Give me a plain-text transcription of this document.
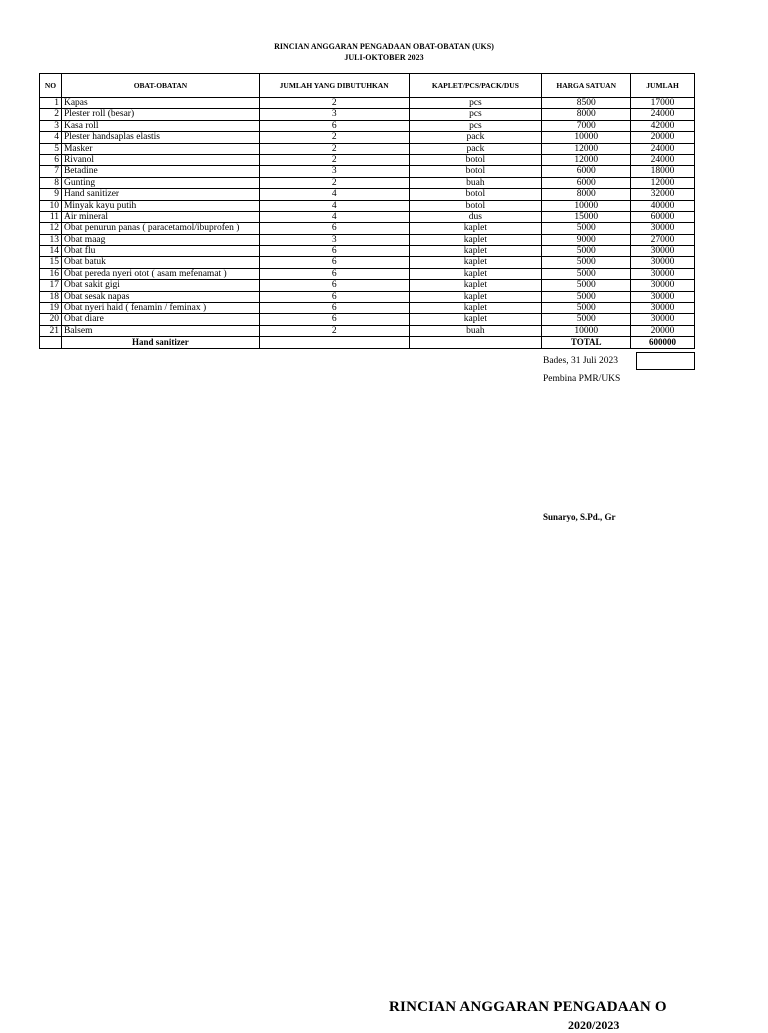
RINCIAN ANGGARAN PENGADAAN OBAT-OBATAN (UKS)
JULI-OKTOBER 2023
NO	OBAT-OBATAN	JUMLAH YANG DIBUTUHKAN	KAPLET/PCS/PACK/DUS	HARGA SATUAN	JUMLAH
1	Kapas	2	pcs	8500	17000
2	Plester roll (besar)	3	pcs	8000	24000
3	Kasa roll	6	pcs	7000	42000
4	Plester handsaplas elastis	2	pack	10000	20000
5	Masker	2	pack	12000	24000
6	Rivanol	2	botol	12000	24000
7	Betadine	3	botol	6000	18000
8	Gunting	2	buah	6000	12000
9	Hand sanitizer	4	botol	8000	32000
10	Minyak kayu putih	4	botol	10000	40000
11	Air mineral	4	dus	15000	60000
12	Obat penurun panas ( paracetamol/ibuprofen )	6	kaplet	5000	30000
13	Obat maag	3	kaplet	9000	27000
14	Obat flu	6	kaplet	5000	30000
15	Obat batuk	6	kaplet	5000	30000
16	Obat pereda nyeri otot ( asam mefenamat )	6	kaplet	5000	30000
17	Obat sakit gigi	6	kaplet	5000	30000
18	Obat sesak napas	6	kaplet	5000	30000
19	Obat nyeri haid ( fenamin / feminax )	6	kaplet	5000	30000
20	Obat diare	6	kaplet	5000	30000
21	Balsem	2	buah	10000	20000
	Hand sanitizer			TOTAL	600000
Bades, 31 Juli 2023
Pembina PMR/UKS
Sunaryo, S.Pd., Gr
RINCIAN ANGGARAN PENGADAAN O
2020/2023
